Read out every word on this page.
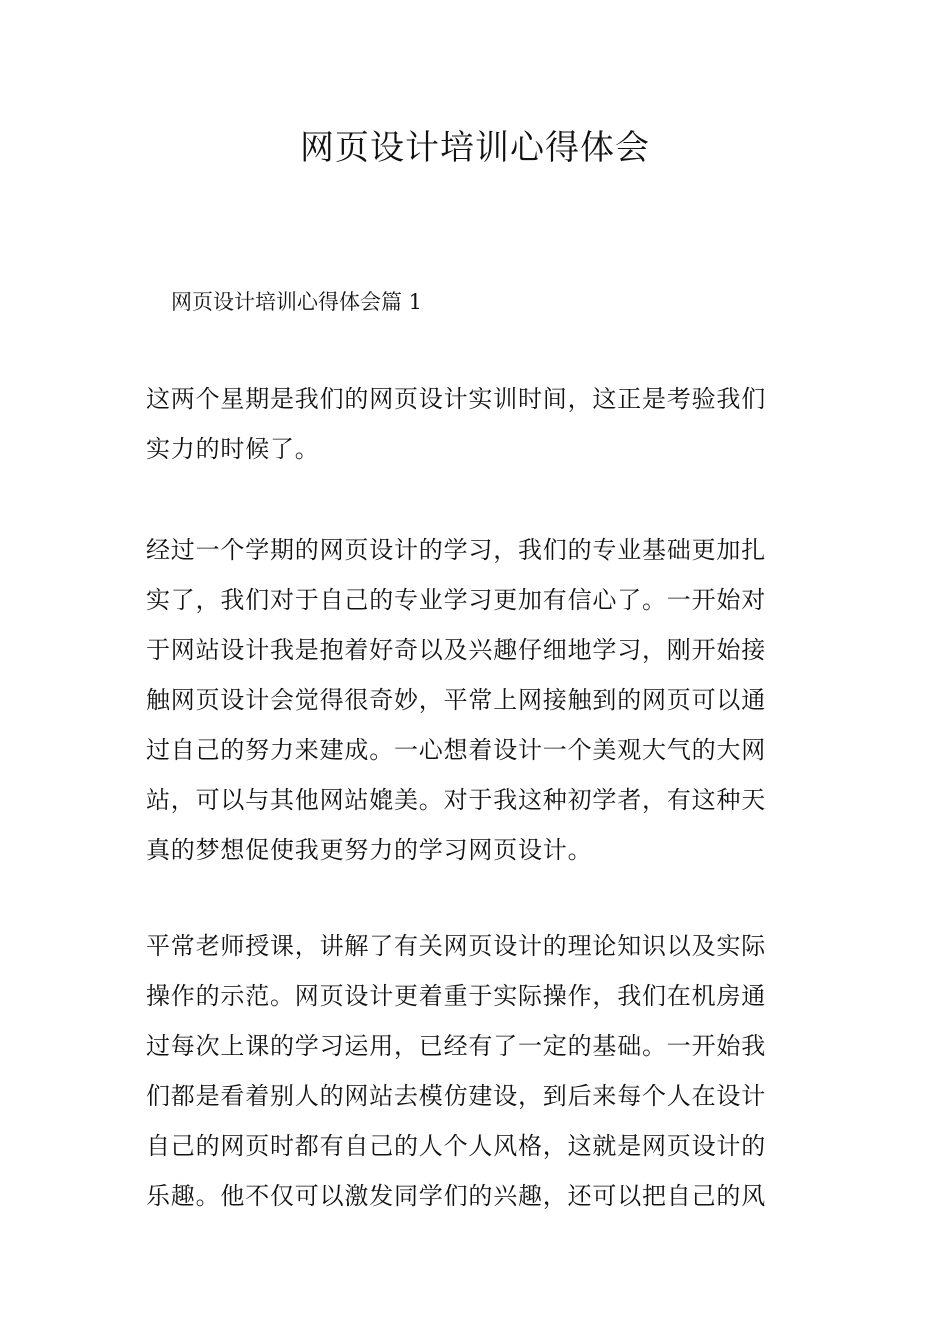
网页设计培训心得体会
网页设计培训心得体会篇 1
这两个星期是我们的网页设计实训时间，这正是考验我们
实力的时候了。
经过一个学期的网页设计的学习，我们的专业基础更加扎
实了，我们对于自己的专业学习更加有信心了。一开始对
于网站设计我是抱着好奇以及兴趣仔细地学习，刚开始接
触网页设计会觉得很奇妙，平常上网接触到的网页可以通
过自己的努力来建成。一心想着设计一个美观大气的大网
站，可以与其他网站媲美。对于我这种初学者，有这种天
真的梦想促使我更努力的学习网页设计。
平常老师授课，讲解了有关网页设计的理论知识以及实际
操作的示范。网页设计更着重于实际操作，我们在机房通
过每次上课的学习运用，已经有了一定的基础。一开始我
们都是看着别人的网站去模仿建设，到后来每个人在设计
自己的网页时都有自己的人个人风格，这就是网页设计的
乐趣。他不仅可以激发同学们的兴趣，还可以把自己的风
